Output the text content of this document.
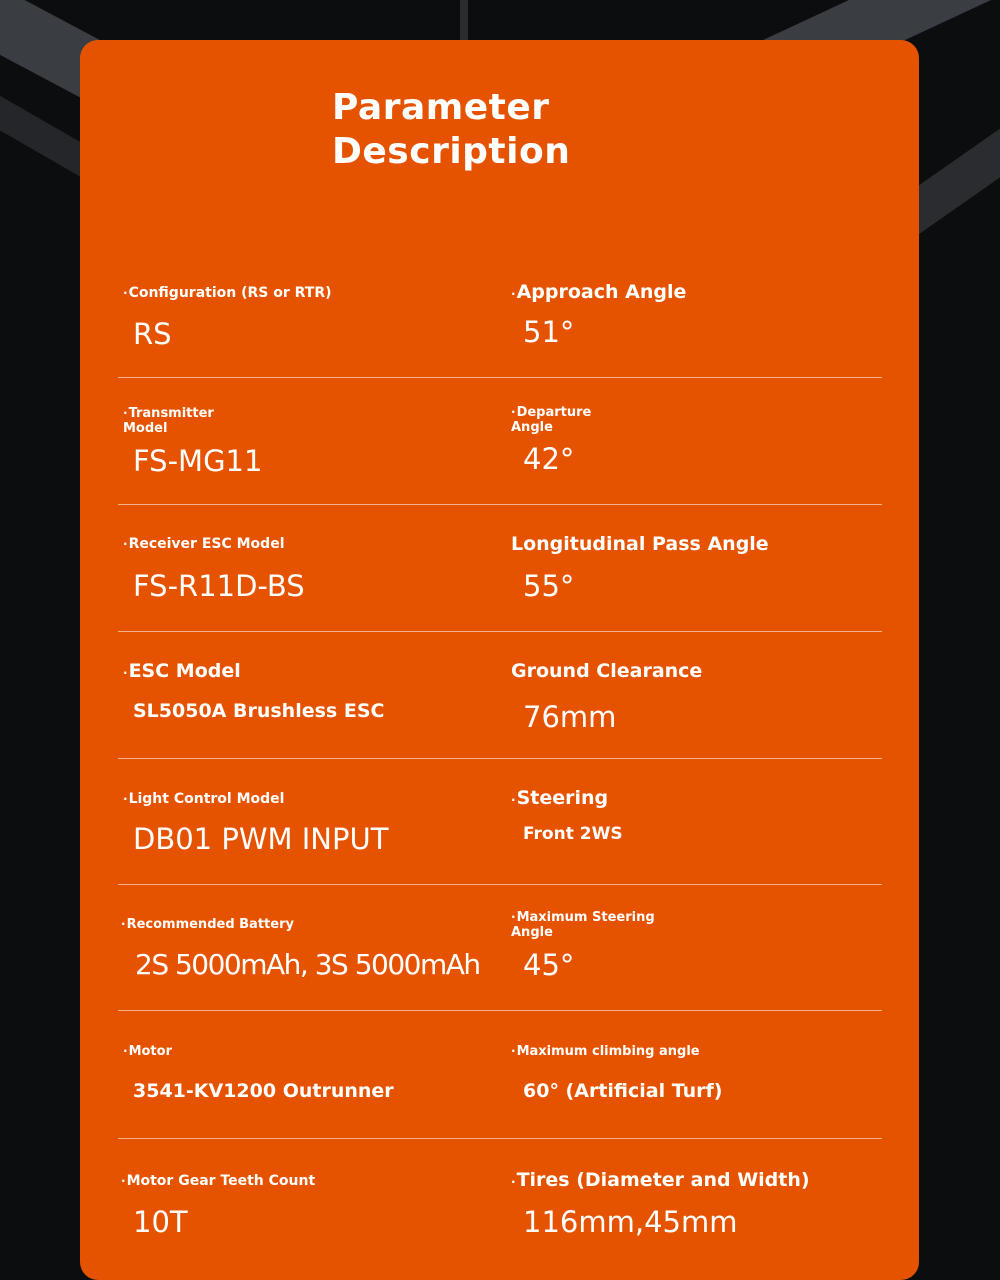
Parameter
Description
·Configuration (RS or RTR)
RS
·Approach Angle
51°
·Transmitter Model
FS-MG11
·Departure Angle
42°
·Receiver ESC Model
FS-R11D-BS
Longitudinal Pass Angle
55°
·ESC Model
SL5050A Brushless ESC
Ground Clearance
76mm
·Light Control Model
DB01 PWM INPUT
·Steering
Front 2WS
·Recommended Battery
2S 5000mAh, 3S 5000mAh
·Maximum Steering Angle
45°
·Motor
3541-KV1200 Outrunner
·Maximum climbing angle
60° (Artificial Turf)
·Motor Gear Teeth Count
10T
·Tires (Diameter and Width)
116mm,45mm
